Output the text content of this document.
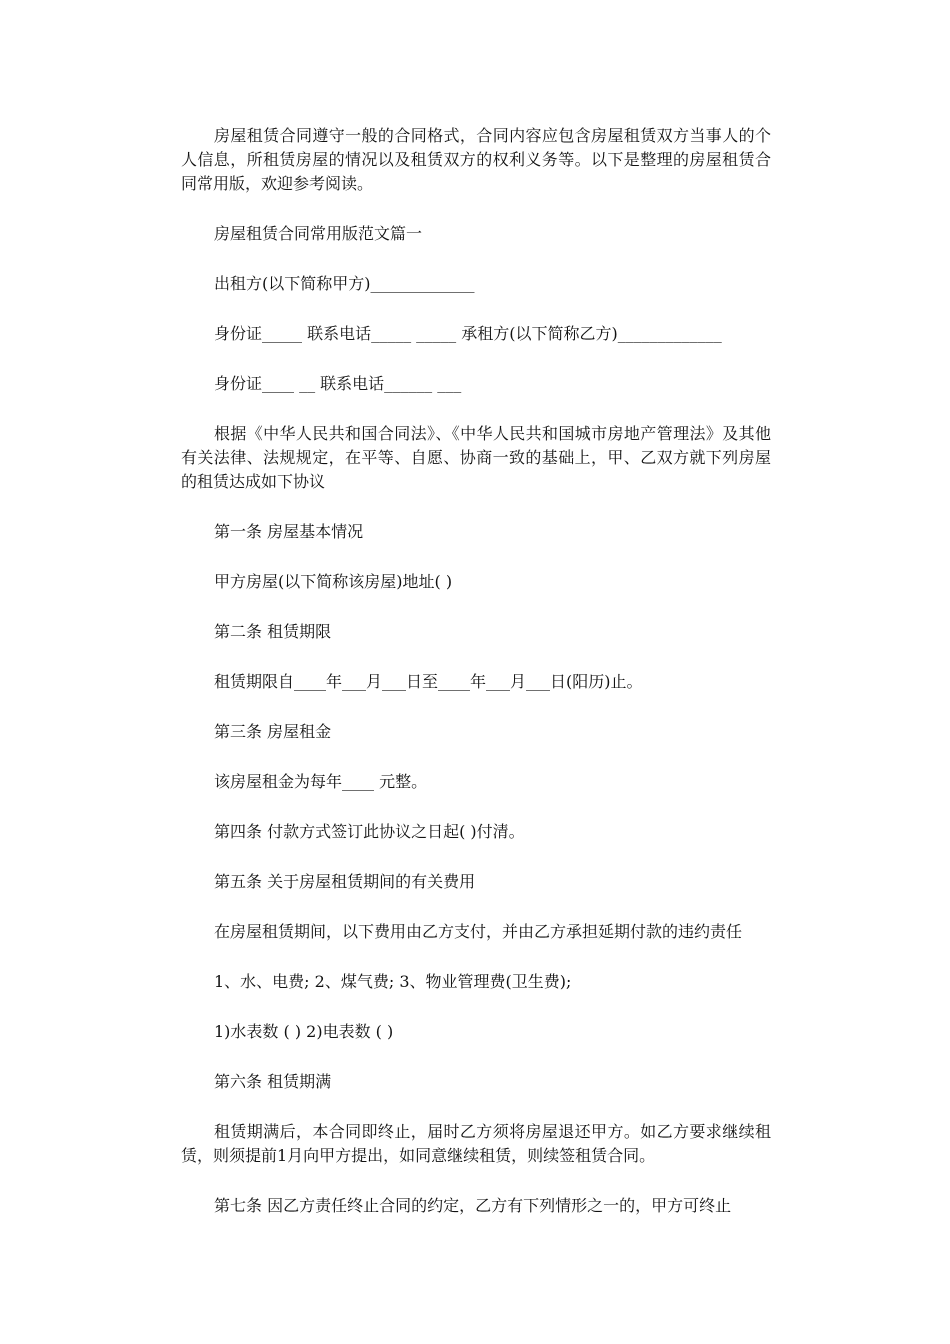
房屋租赁合同遵守一般的合同格式，合同内容应包含房屋租赁双方当事人的个人信息，所租赁房屋的情况以及租赁双方的权利义务等。以下是整理的房屋租赁合同常用版，欢迎参考阅读。

房屋租赁合同常用版范文篇一

出租方(以下简称甲方)_____________

身份证_____ 联系电话_____ _____ 承租方(以下简称乙方)_____________

身份证____ __ 联系电话______ ___

根据《中华人民共和国合同法》、《中华人民共和国城市房地产管理法》及其他有关法律、法规规定，在平等、自愿、协商一致的基础上，甲、乙双方就下列房屋的租赁达成如下协议

第一条 房屋基本情况

甲方房屋(以下简称该房屋)地址( )

第二条 租赁期限

租赁期限自____年___月___日至____年___月___日(阳历)止。

第三条 房屋租金

该房屋租金为每年____ 元整。

第四条 付款方式签订此协议之日起( )付清。

第五条 关于房屋租赁期间的有关费用

在房屋租赁期间，以下费用由乙方支付，并由乙方承担延期付款的违约责任

1、水、电费; 2、煤气费; 3、物业管理费(卫生费);

1)水表数 ( ) 2)电表数 ( )

第六条 租赁期满

租赁期满后，本合同即终止，届时乙方须将房屋退还甲方。如乙方要求继续租赁，则须提前1月向甲方提出，如同意继续租赁，则续签租赁合同。

第七条 因乙方责任终止合同的约定，乙方有下列情形之一的，甲方可终止
